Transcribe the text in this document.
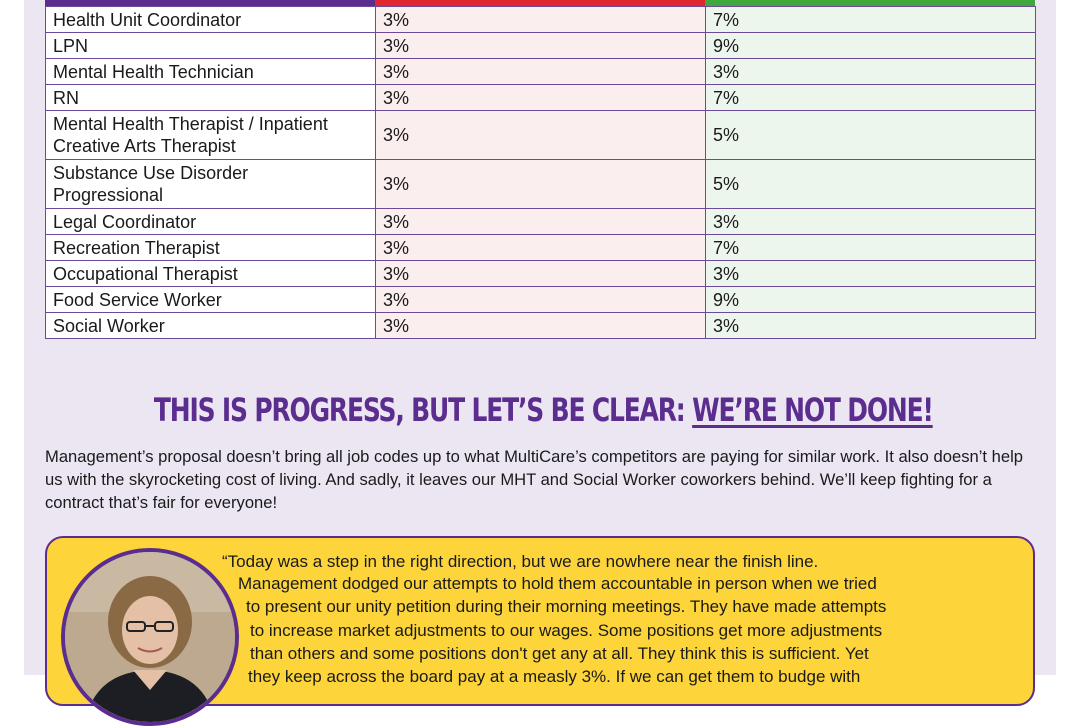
Health Unit Coordinator	3%	7%
LPN	3%	9%
Mental Health Technician	3%	3%
RN	3%	7%

Mental Health Therapist / Inpatient
Creative Arts Therapist	3%	5%

Substance Use Disorder
Progressional	3%	5%
Legal Coordinator	3%	3%
Recreation Therapist	3%	7%
Occupational Therapist	3%	3%
Food Service Worker	3%	9%
Social Worker	3%	3%
THIS IS PROGRESS, BUT LET’S BE CLEAR: WE’RE NOT DONE!
Management’s proposal doesn’t bring all job codes up to what MultiCare’s competitors are paying for similar work. It also doesn’t help us with the skyrocketing cost of living. And sadly, it leaves our MHT and Social Worker coworkers behind. We’ll keep fighting for a contract that’s fair for everyone!
“Today was a step in the right direction, but we are nowhere near the finish line.
Management dodged our attempts to hold them accountable in person when we tried
to present our unity petition during their morning meetings. They have made attempts
to increase market adjustments to our wages. Some positions get more adjustments
than others and some positions don't get any at all. They think this is sufficient. Yet
they keep across the board pay at a measly 3%. If we can get them to budge with
